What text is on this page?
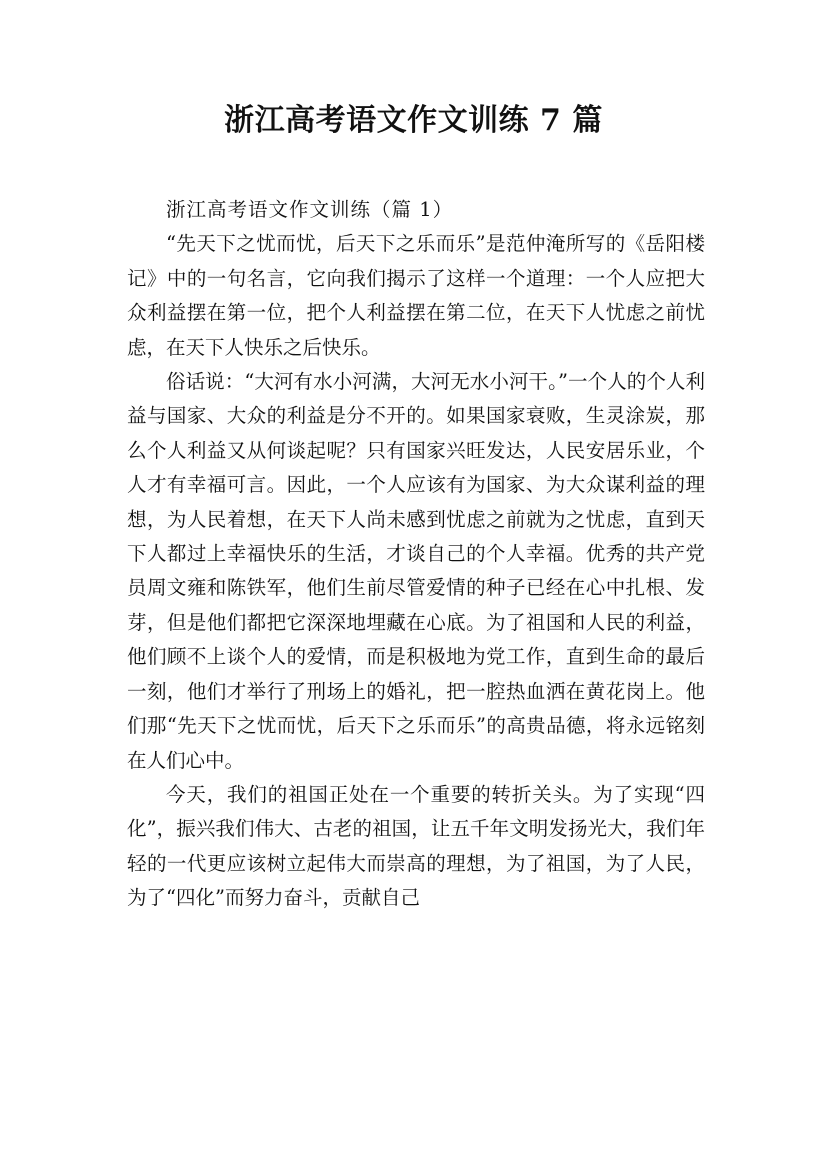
浙江高考语文作文训练 7 篇

浙江高考语文作文训练（篇 1）

“先天下之忧而忧，后天下之乐而乐”是范仲淹所写的《岳阳楼记》中的一句名言，它向我们揭示了这样一个道理：一个人应把大众利益摆在第一位，把个人利益摆在第二位，在天下人忧虑之前忧虑，在天下人快乐之后快乐。

俗话说：“大河有水小河满，大河无水小河干。”一个人的个人利益与国家、大众的利益是分不开的。如果国家衰败，生灵涂炭，那么个人利益又从何谈起呢？只有国家兴旺发达，人民安居乐业，个人才有幸福可言。因此，一个人应该有为国家、为大众谋利益的理想，为人民着想，在天下人尚未感到忧虑之前就为之忧虑，直到天下人都过上幸福快乐的生活，才谈自己的个人幸福。优秀的共产党员周文雍和陈铁军，他们生前尽管爱情的种子已经在心中扎根、发芽，但是他们都把它深深地埋藏在心底。为了祖国和人民的利益，他们顾不上谈个人的爱情，而是积极地为党工作，直到生命的最后一刻，他们才举行了刑场上的婚礼，把一腔热血洒在黄花岗上。他们那“先天下之忧而忧，后天下之乐而乐”的高贵品德，将永远铭刻在人们心中。

今天，我们的祖国正处在一个重要的转折关头。为了实现“四化”，振兴我们伟大、古老的祖国，让五千年文明发扬光大，我们年轻的一代更应该树立起伟大而崇高的理想，为了祖国，为了人民，为了“四化”而努力奋斗，贡献自己
